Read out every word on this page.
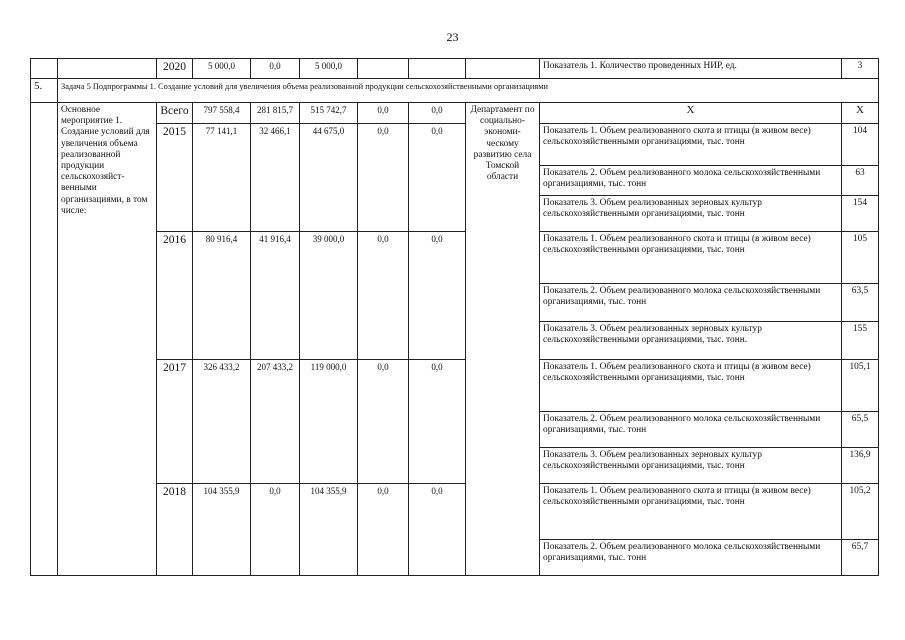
23
		2020	5 000,0	0,0	5 000,0				Показатель 1. Количество проведенных НИР, ед.	3
5.	Задача 5 Подпрограммы 1. Создание условий для увеличения объема реализованной продукции сельскохозяйственными организациями									
	Основное мероприятие 1. Создание условий для увеличения объема реализованной продукции сельскохозяйст-венными организациями, в том числе:	Всего	797 558,4	281 815,7	515 742,7	0,0	0,0	Департамент по социально-экономи-ческому развитию села Томской области	Х	Х
		2015	77 141,1	32 466,1	44 675,0	0,0	0,0		Показатель 1. Объем реализованного скота и птицы (в живом весе) сельскохозяйственными организациями, тыс. тонн	104
									Показатель 2. Объем реализованного молока сельскохозяйственными организациями, тыс. тонн	63
									Показатель 3. Объем реализованных зерновых культур сельскохозяйственными организациями, тыс. тонн	154
		2016	80 916,4	41 916,4	39 000,0	0,0	0,0		Показатель 1. Объем реализованного скота и птицы (в живом весе) сельскохозяйственными организациями, тыс. тонн	105
									Показатель 2. Объем реализованного молока сельскохозяйственными организациями, тыс. тонн	63,5
									Показатель 3. Объем реализованных зерновых культур сельскохозяйственными организациями, тыс. тонн.	155
		2017	326 433,2	207 433,2	119 000,0	0,0	0,0		Показатель 1. Объем реализованного скота и птицы (в живом весе) сельскохозяйственными организациями, тыс. тонн	105,1
									Показатель 2. Объем реализованного молока сельскохозяйственными организациями, тыс. тонн	65,5
									Показатель 3. Объем реализованных зерновых культур сельскохозяйственными организациями, тыс. тонн	136,9
		2018	104 355,9	0,0	104 355,9	0,0	0,0		Показатель 1. Объем реализованного скота и птицы (в живом весе) сельскохозяйственными организациями, тыс. тонн	105,2
									Показатель 2. Объем реализованного молока сельскохозяйственными организациями, тыс. тонн	65,7
